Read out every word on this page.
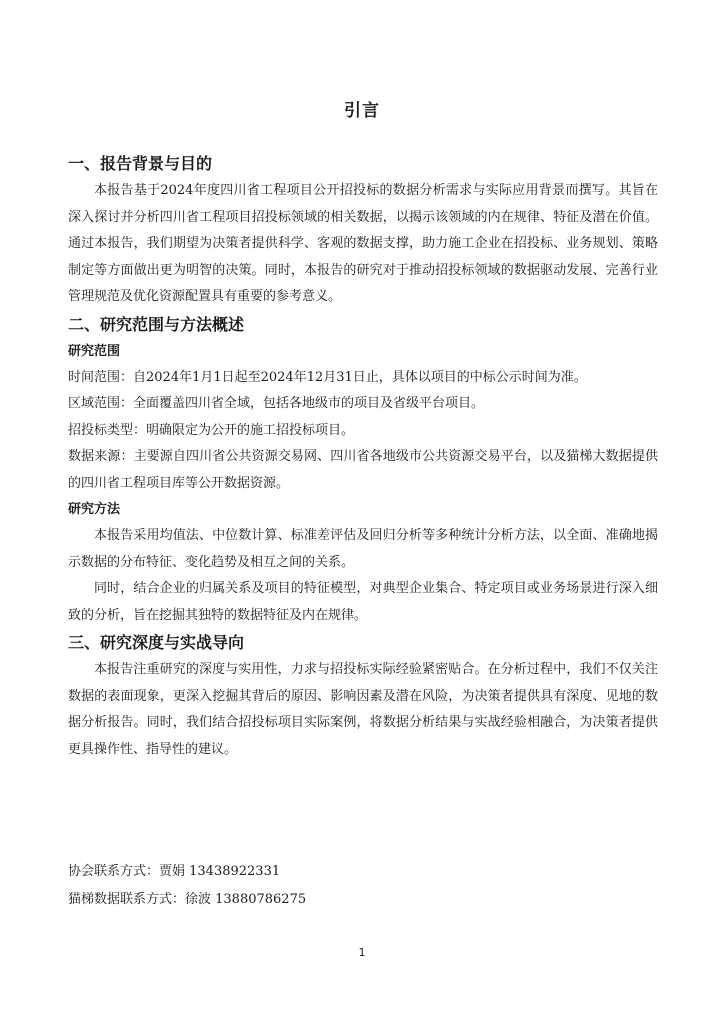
引言
一、报告背景与目的

本报告基于2024年度四川省工程项目公开招投标的数据分析需求与实际应用背景而撰写。其旨在深入探讨并分析四川省工程项目招投标领域的相关数据，以揭示该领域的内在规律、特征及潜在价值。通过本报告，我们期望为决策者提供科学、客观的数据支撑，助力施工企业在招投标、业务规划、策略制定等方面做出更为明智的决策。同时，本报告的研究对于推动招投标领域的数据驱动发展、完善行业管理规范及优化资源配置具有重要的参考意义。

二、研究范围与方法概述
研究范围

时间范围：自2024年1月1日起至2024年12月31日止，具体以项目的中标公示时间为准。

区域范围：全面覆盖四川省全域，包括各地级市的项目及省级平台项目。

招投标类型：明确限定为公开的施工招投标项目。

数据来源：主要源自四川省公共资源交易网、四川省各地级市公共资源交易平台，以及猫梯大数据提供的四川省工程项目库等公开数据资源。

研究方法

本报告采用均值法、中位数计算、标准差评估及回归分析等多种统计分析方法，以全面、准确地揭示数据的分布特征、变化趋势及相互之间的关系。

同时，结合企业的归属关系及项目的特征模型，对典型企业集合、特定项目或业务场景进行深入细致的分析，旨在挖掘其独特的数据特征及内在规律。

三、研究深度与实战导向

本报告注重研究的深度与实用性，力求与招投标实际经验紧密贴合。在分析过程中，我们不仅关注数据的表面现象，更深入挖掘其背后的原因、影响因素及潜在风险，为决策者提供具有深度、见地的数据分析报告。同时，我们结合招投标项目实际案例，将数据分析结果与实战经验相融合，为决策者提供更具操作性、指导性的建议。

协会联系方式：贾娟 13438922331

猫梯数据联系方式：徐波 13880786275

1
